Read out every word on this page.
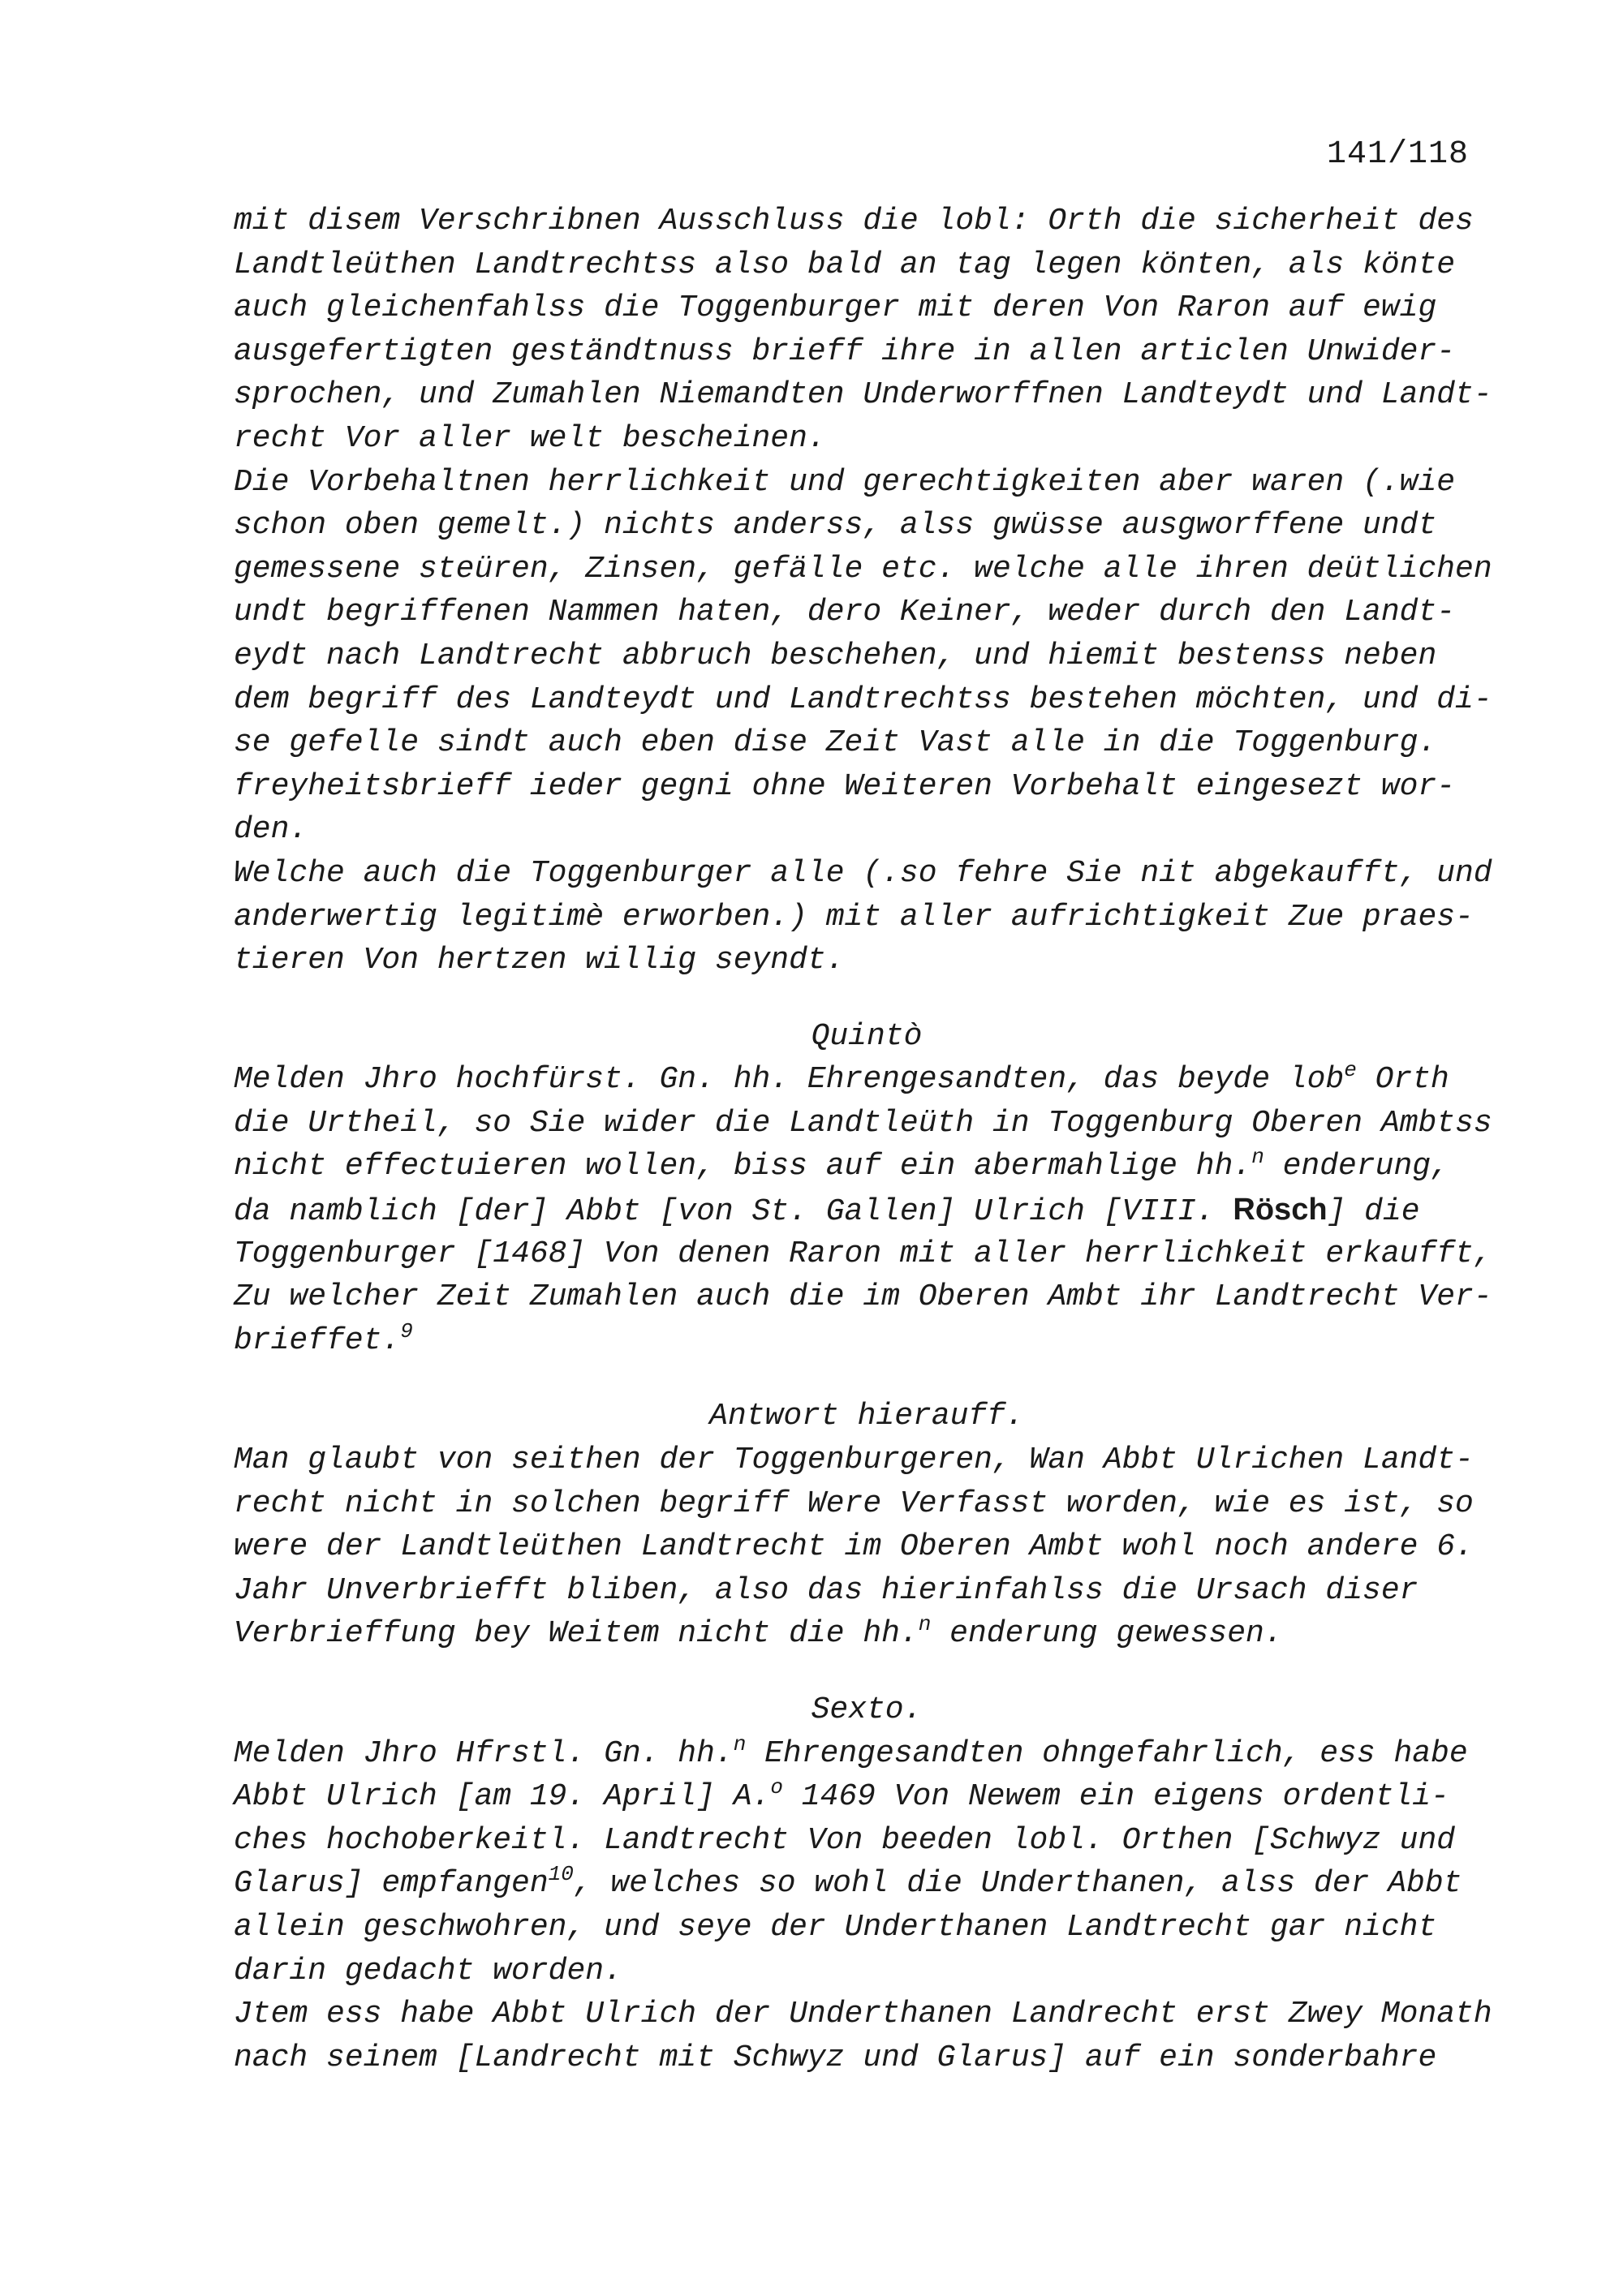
141/118
mit disem Verschribnen Ausschluss die lobl: Orth die sicherheit des
Landtleüthen Landtrechtss also bald an tag legen könten, als könte
auch gleichenfahlss die Toggenburger mit deren Von Raron auf ewig
ausgefertigten geständtnuss brieff ihre in allen articlen Unwider-
sprochen, und Zumahlen Niemandten Underworffnen Landteydt und Landt-
recht Vor aller welt bescheinen.
Die Vorbehaltnen herrlichkeit und gerechtigkeiten aber waren (.wie
schon oben gemelt.) nichts anderss, alss gwüsse ausgworffene undt
gemessene steüren, Zinsen, gefälle etc. welche alle ihren deütlichen
undt begriffenen Nammen haten, dero Keiner, weder durch den Landt-
eydt nach Landtrecht abbruch beschehen, und hiemit bestenss neben
dem begriff des Landteydt und Landtrechtss bestehen möchten, und di-
se gefelle sindt auch eben dise Zeit Vast alle in die Toggenburg.
freyheitsbrieff ieder gegni ohne Weiteren Vorbehalt eingesezt wor-
den.
Welche auch die Toggenburger alle (.so fehre Sie nit abgekaufft, und
anderwertig legitimè erworben.) mit aller aufrichtigkeit Zue praes-
tieren Von hertzen willig seyndt.
Quintò
Melden Jhro hochfürst. Gn. hh. Ehrengesandten, das beyde lob$^e$ Orth
die Urtheil, so Sie wider die Landtleüth in Toggenburg Oberen Ambtss
nicht effectuieren wollen, biss auf ein abermahlige hh.$^n$ enderung,
da namblich [der] Abbt [von St. Gallen] Ulrich [VIII. Rösch] die
Toggenburger [1468] Von denen Raron mit aller herrlichkeit erkaufft,
Zu welcher Zeit Zumahlen auch die im Oberen Ambt ihr Landtrecht Ver-
brieffet.$^9$
Antwort hierauff.
Man glaubt von seithen der Toggenburgeren, Wan Abbt Ulrichen Landt-
recht nicht in solchen begriff Were Verfasst worden, wie es ist, so
were der Landtleüthen Landtrecht im Oberen Ambt wohl noch andere 6.
Jahr Unverbriefft bliben, also das hierinfahlss die Ursach diser
Verbrieffung bey Weitem nicht die hh.$^n$ enderung gewessen.
Sexto.
Melden Jhro Hfrstl. Gn. hh.$^n$ Ehrengesandten ohngefahrlich, ess habe
Abbt Ulrich [am 19. April] A.$^o$ 1469 Von Newem ein eigens ordentli-
ches hochoberkeitl. Landtrecht Von beeden lobl. Orthen [Schwyz und
Glarus] empfangen$^{10}$, welches so wohl die Underthanen, alss der Abbt
allein geschwohren, und seye der Underthanen Landtrecht gar nicht
darin gedacht worden.
Jtem ess habe Abbt Ulrich der Underthanen Landrecht erst Zwey Monath
nach seinem [Landrecht mit Schwyz und Glarus] auf ein sonderbahre
